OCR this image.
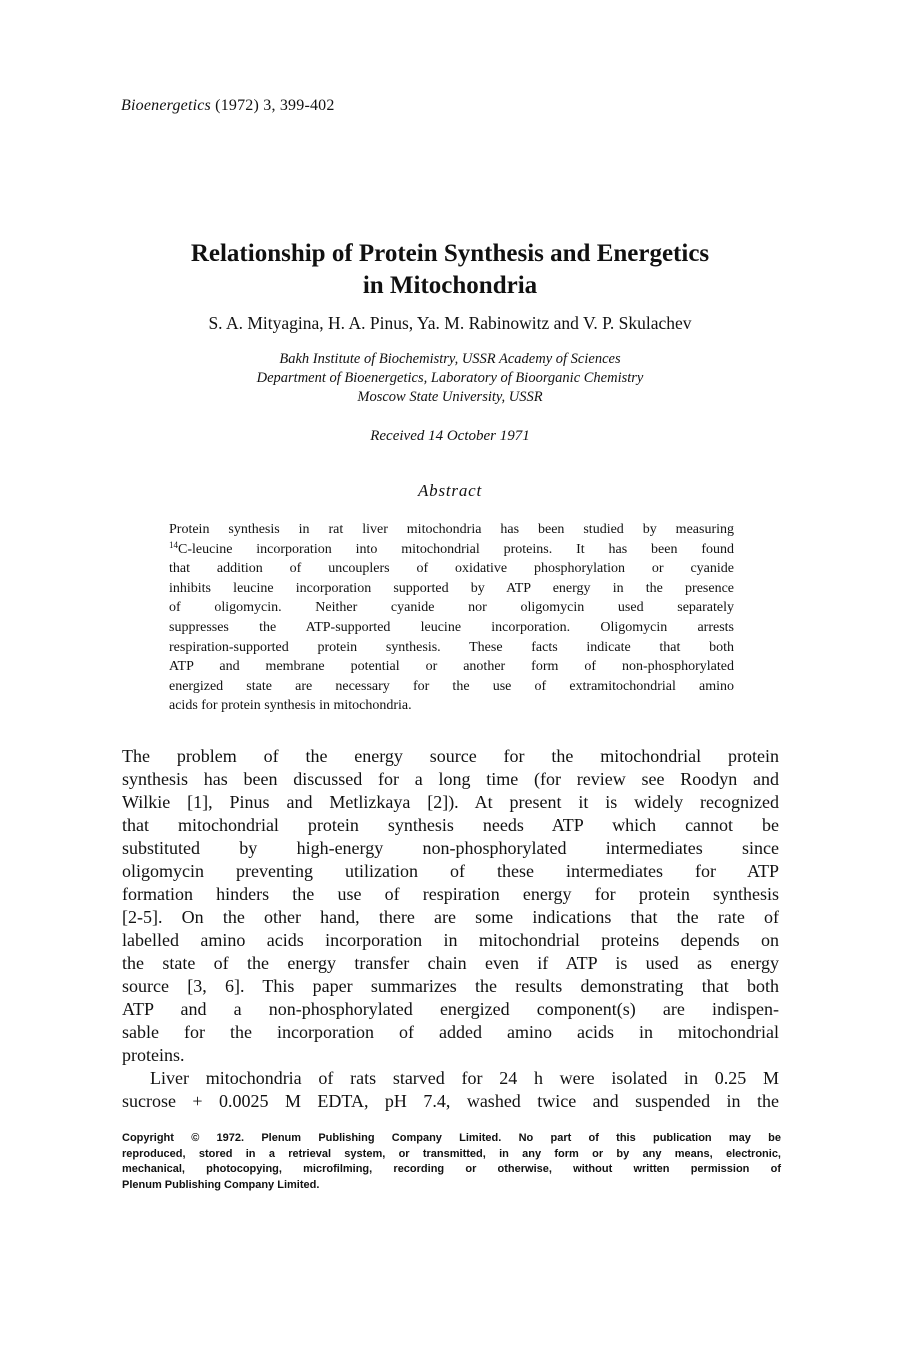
Bioenergetics (1972) 3, 399-402
Relationship of Protein Synthesis and Energetics
in Mitochondria
S. A. Mityagina, H. A. Pinus, Ya. M. Rabinowitz and V. P. Skulachev
Bakh Institute of Biochemistry, USSR Academy of Sciences
Department of Bioenergetics, Laboratory of Bioorganic Chemistry
Moscow State University, USSR
Received 14 October 1971
Abstract
Protein synthesis in rat liver mitochondria has been studied by measuring
$^{14}$C-leucine incorporation into mitochondrial proteins. It has been found
that addition of uncouplers of oxidative phosphorylation or cyanide
inhibits leucine incorporation supported by ATP energy in the presence
of oligomycin. Neither cyanide nor oligomycin used separately
suppresses the ATP-supported leucine incorporation. Oligomycin arrests
respiration-supported protein synthesis. These facts indicate that both
ATP and membrane potential or another form of non-phosphorylated
energized state are necessary for the use of extramitochondrial amino
acids for protein synthesis in mitochondria.
The problem of the energy source for the mitochondrial protein
synthesis has been discussed for a long time (for review see Roodyn and
Wilkie [1], Pinus and Metlizkaya [2]). At present it is widely recognized
that mitochondrial protein synthesis needs ATP which cannot be
substituted by high-energy non-phosphorylated intermediates since
oligomycin preventing utilization of these intermediates for ATP
formation hinders the use of respiration energy for protein synthesis
[2-5]. On the other hand, there are some indications that the rate of
labelled amino acids incorporation in mitochondrial proteins depends on
the state of the energy transfer chain even if ATP is used as energy
source [3, 6]. This paper summarizes the results demonstrating that both
ATP and a non-phosphorylated energized component(s) are indispen-
sable for the incorporation of added amino acids in mitochondrial
proteins.
Liver mitochondria of rats starved for 24 h were isolated in 0.25 M
sucrose + 0.0025 M EDTA, pH 7.4, washed twice and suspended in the
Copyright © 1972. Plenum Publishing Company Limited. No part of this publication may be
reproduced, stored in a retrieval system, or transmitted, in any form or by any means, electronic,
mechanical, photocopying, microfilming, recording or otherwise, without written permission of
Plenum Publishing Company Limited.
